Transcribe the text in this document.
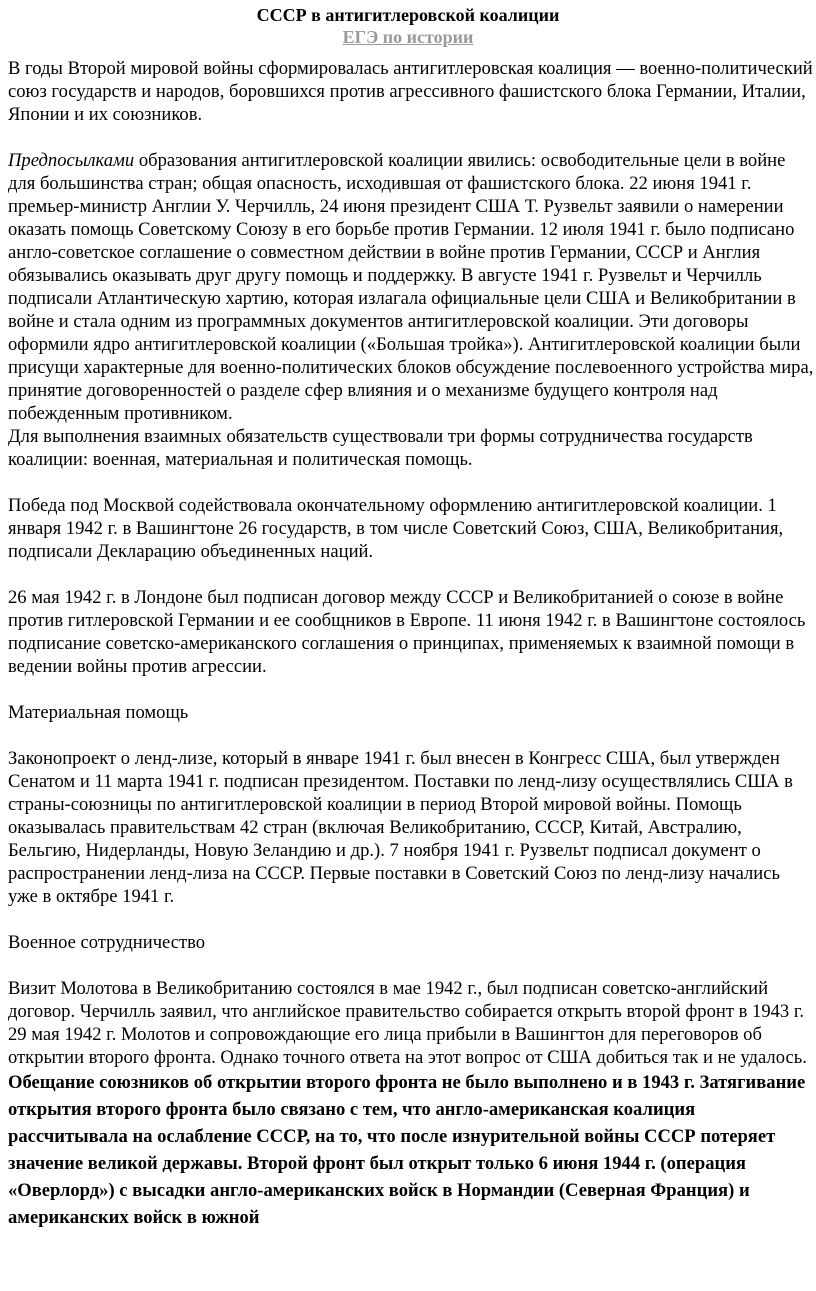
СССР в антигитлеровской коалиции
ЕГЭ по истории

В годы Второй мировой войны сформировалась антигитлеровская коалиция — военно-политический союз государств и народов, боровшихся против агрессивного фашистского блока Германии, Италии, Японии и их союзников.

Предпосылками образования антигитлеровской коалиции явились: освободительные цели в войне для большинства стран; общая опасность, исходившая от фашистского блока. 22 июня 1941 г. премьер-министр Англии У. Черчилль, 24 июня президент США Т. Рузвельт заявили о намерении оказать помощь Советскому Союзу в его борьбе против Германии. 12 июля 1941 г. было подписано англо-советское соглашение о совместном действии в войне против Германии, СССР и Англия обязывались оказывать друг другу помощь и поддержку. В августе 1941 г. Рузвельт и Черчилль подписали Атлантическую хартию, которая излагала официальные цели США и Великобритании в войне и стала одним из программных документов антигитлеровской коалиции. Эти договоры оформили ядро антигитлеровской коалиции («Большая тройка»). Антигитлеровской коалиции были присущи характерные для военно-политических блоков обсуждение послевоенного устройства мира, принятие договоренностей о разделе сфер влияния и о механизме будущего контроля над побежденным противником.

Для выполнения взаимных обязательств существовали три формы сотрудничества государств коалиции: военная, материальная и политическая помощь.

Победа под Москвой содействовала окончательному оформлению антигитлеровской коалиции. 1 января 1942 г. в Вашингтоне 26 государств, в том числе Советский Союз, США, Великобритания, подписали Декларацию объединенных наций.

26 мая 1942 г. в Лондоне был подписан договор между СССР и Великобританией о союзе в войне против гитлеровской Германии и ее сообщников в Европе. 11 июня 1942 г. в Вашингтоне состоялось подписание советско-американского соглашения о принципах, применяемых к взаимной помощи в ведении войны против агрессии.

Материальная помощь

Законопроект о ленд-лизе, который в январе 1941 г. был внесен в Конгресс США, был утвержден Сенатом и 11 марта 1941 г. подписан президентом. Поставки по ленд-лизу осуществлялись США в страны-союзницы по антигитлеровской коалиции в период Второй мировой войны. Помощь оказывалась правительствам 42 стран (включая Великобританию, СССР, Китай, Австралию, Бельгию, Нидерланды, Новую Зеландию и др.). 7 ноября 1941 г. Рузвельт подписал документ о распространении ленд-лиза на СССР. Первые поставки в Советский Союз по ленд-лизу начались уже в октябре 1941 г.

Военное сотрудничество

Визит Молотова в Великобританию состоялся в мае 1942 г., был подписан советско-английский договор. Черчилль заявил, что английское правительство собирается открыть второй фронт в 1943 г. 29 мая 1942 г. Молотов и сопровождающие его лица прибыли в Вашингтон для переговоров об открытии второго фронта. Однако точного ответа на этот вопрос от США добиться так и не удалось.

Обещание союзников об открытии второго фронта не было выполнено и в 1943 г. Затягивание открытия второго фронта было связано с тем, что англо-американская коалиция рассчитывала на ослабление СССР, на то, что после изнурительной войны СССР потеряет значение великой державы. Второй фронт был открыт только 6 июня 1944 г. (операция «Оверлорд») с высадки англо-американских войск в Нормандии (Северная Франция) и американских войск в южной
